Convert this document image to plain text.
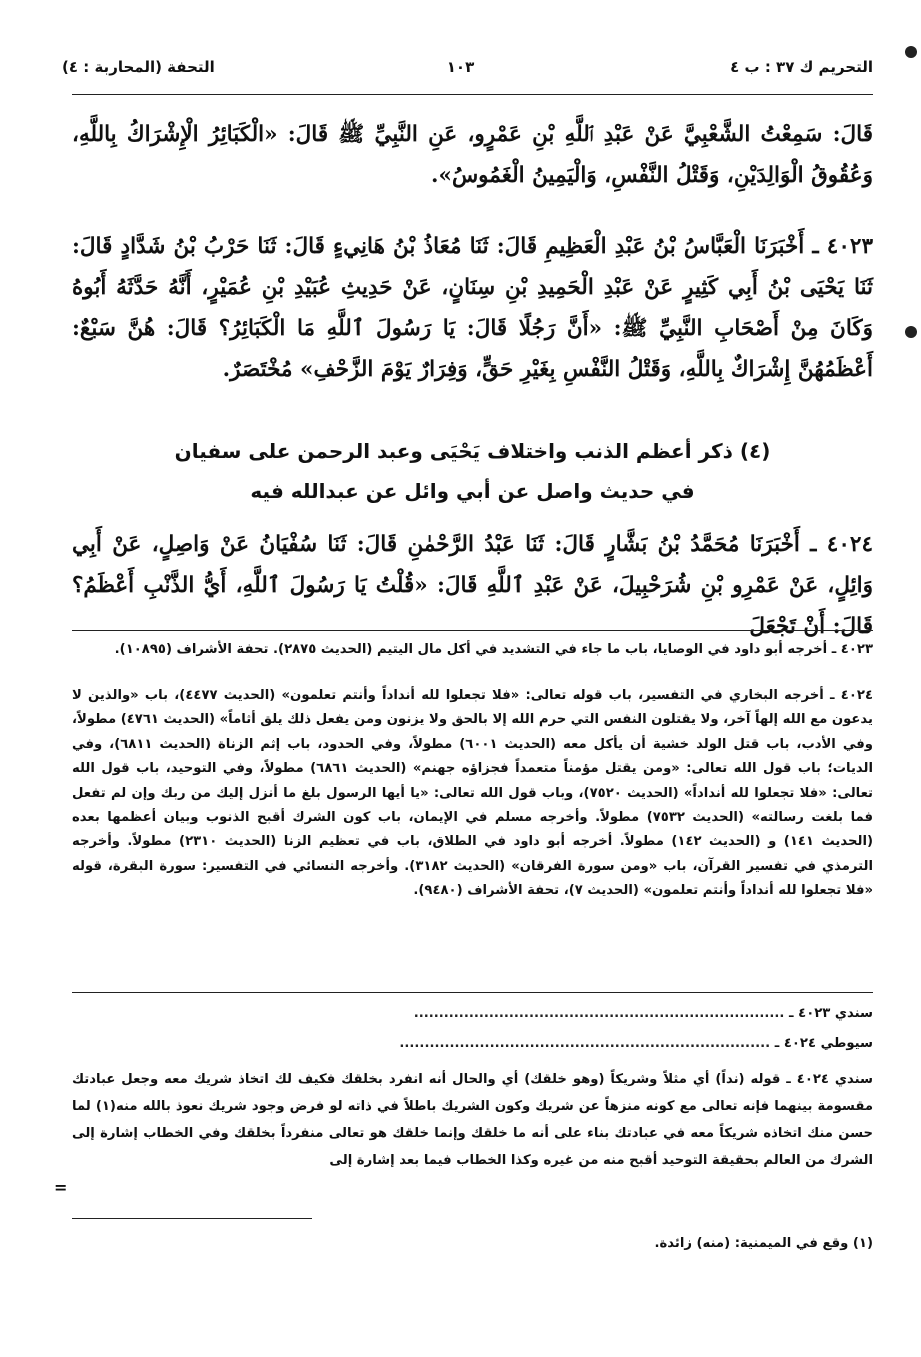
التحريم ك ٣٧ : ب ٤
١٠٣
التحفة (المحاربة : ٤)
قَالَ: سَمِعْتُ الشَّعْبِيَّ عَنْ عَبْدِ ٱللَّهِ بْنِ عَمْرٍو، عَنِ النَّبِيِّ ﷺ قَالَ: «الْكَبَائِرُ الْإِشْرَاكُ بِاللَّهِ، وَعُقُوقُ الْوَالِدَيْنِ، وَقَتْلُ النَّفْسِ، وَالْيَمِينُ الْغَمُوسُ».
٤٠٢٣ ـ أَخْبَرَنَا الْعَبَّاسُ بْنُ عَبْدِ الْعَظِيمِ قَالَ: ثَنَا مُعَاذُ بْنُ هَانِيءٍ قَالَ: ثَنَا حَرْبُ بْنُ شَدَّادٍ قَالَ: ثَنَا يَحْيَى بْنُ أَبِي كَثِيرٍ عَنْ عَبْدِ الْحَمِيدِ بْنِ سِنَانٍ، عَنْ حَدِيثِ عُبَيْدِ بْنِ عُمَيْرٍ، أَنَّهُ حَدَّثَهُ أَبُوهُ وَكَانَ مِنْ أَصْحَابِ النَّبِيِّ ﷺ: «أَنَّ رَجُلًا قَالَ: يَا رَسُولَ ٱللَّهِ مَا الْكَبَائِرُ؟ قَالَ: هُنَّ سَبْعٌ: أَعْظَمُهُنَّ إِشْرَاكٌ بِاللَّهِ، وَقَتْلُ النَّفْسِ بِغَيْرِ حَقٍّ، وَفِرَارٌ يَوْمَ الزَّحْفِ» مُخْتَصَرٌ.
(٤) ذكر أعظم الذنب واختلاف يَحْيَى وعبد الرحمن على سفيان
في حديث واصل عن أبي وائل عن عبدالله فيه
٤٠٢٤ ـ أَخْبَرَنَا مُحَمَّدُ بْنُ بَشَّارٍ قَالَ: ثَنَا عَبْدُ الرَّحْمٰنِ قَالَ: ثَنَا سُفْيَانُ عَنْ وَاصِلٍ، عَنْ أَبِي وَائِلٍ، عَنْ عَمْرِو بْنِ شُرَحْبِيلَ، عَنْ عَبْدِ ٱللَّهِ قَالَ: «قُلْتُ يَا رَسُولَ ٱللَّهِ، أَيُّ الذَّنْبِ أَعْظَمُ؟ قَالَ: أَنْ تَجْعَلَ
٤٠٢٣ ـ أخرجه أبو داود في الوصايا، باب ما جاء في التشديد في أكل مال اليتيم (الحديث ٢٨٧٥). تحفة الأشراف (١٠٨٩٥).
٤٠٢٤ ـ أخرجه البخاري في التفسير، باب قوله تعالى: «فلا تجعلوا لله أنداداً وأنتم تعلمون» (الحديث ٤٤٧٧)، باب «والذين لا يدعون مع الله إلهاً آخر، ولا يقتلون النفس التي حرم الله إلا بالحق ولا يزنون ومن يفعل ذلك يلق أثاماً» (الحديث ٤٧٦١) مطولاً، وفي الأدب، باب قتل الولد خشية أن يأكل معه (الحديث ٦٠٠١) مطولاً، وفي الحدود، باب إثم الزناة (الحديث ٦٨١١)، وفي الديات؛ باب قول الله تعالى: «ومن يقتل مؤمناً متعمداً فجزاؤه جهنم» (الحديث ٦٨٦١) مطولاً، وفي التوحيد، باب قول الله تعالى: «فلا تجعلوا لله أنداداً» (الحديث ٧٥٢٠)، وباب قول الله تعالى: «يا أيها الرسول بلغ ما أنزل إليك من ربك وإن لم تفعل فما بلغت رسالته» (الحديث ٧٥٣٢) مطولاً. وأخرجه مسلم في الإيمان، باب كون الشرك أقبح الذنوب وبيان أعظمها بعده (الحديث ١٤١) و (الحديث ١٤٢) مطولاً. أخرجه أبو داود في الطلاق، باب في تعظيم الزنا (الحديث ٢٣١٠) مطولاً. وأخرجه الترمذي في تفسير القرآن، باب «ومن سورة الفرقان» (الحديث ٣١٨٢). وأخرجه النسائي في التفسير: سورة البقرة، قوله «فلا تجعلوا لله أنداداً وأنتم تعلمون» (الحديث ٧)، تحفة الأشراف (٩٤٨٠).
سندي ٤٠٢٣ ـ ..........................................................................
سيوطي ٤٠٢٤ ـ ..........................................................................
سندي ٤٠٢٤ ـ قوله (نداً) أي مثلاً وشريكاً (وهو خلقك) أي والحال أنه انفرد بخلقك فكيف لك اتخاذ شريك معه وجعل عبادتك مقسومة بينهما فإنه تعالى مع كونه منزهاً عن شريك وكون الشريك باطلاً في ذاته لو فرض وجود شريك نعوذ بالله منه(١) لما حسن منك اتخاذه شريكاً معه في عبادتك بناء على أنه ما خلقك وإنما خلقك هو تعالى منفرداً بخلقك وفي الخطاب إشارة إلى الشرك من العالم بحقيقة التوحيد أقبح منه من غيره وكذا الخطاب فيما بعد إشارة إلى
=
(١) وقع في الميمنية: (منه) زائدة.
